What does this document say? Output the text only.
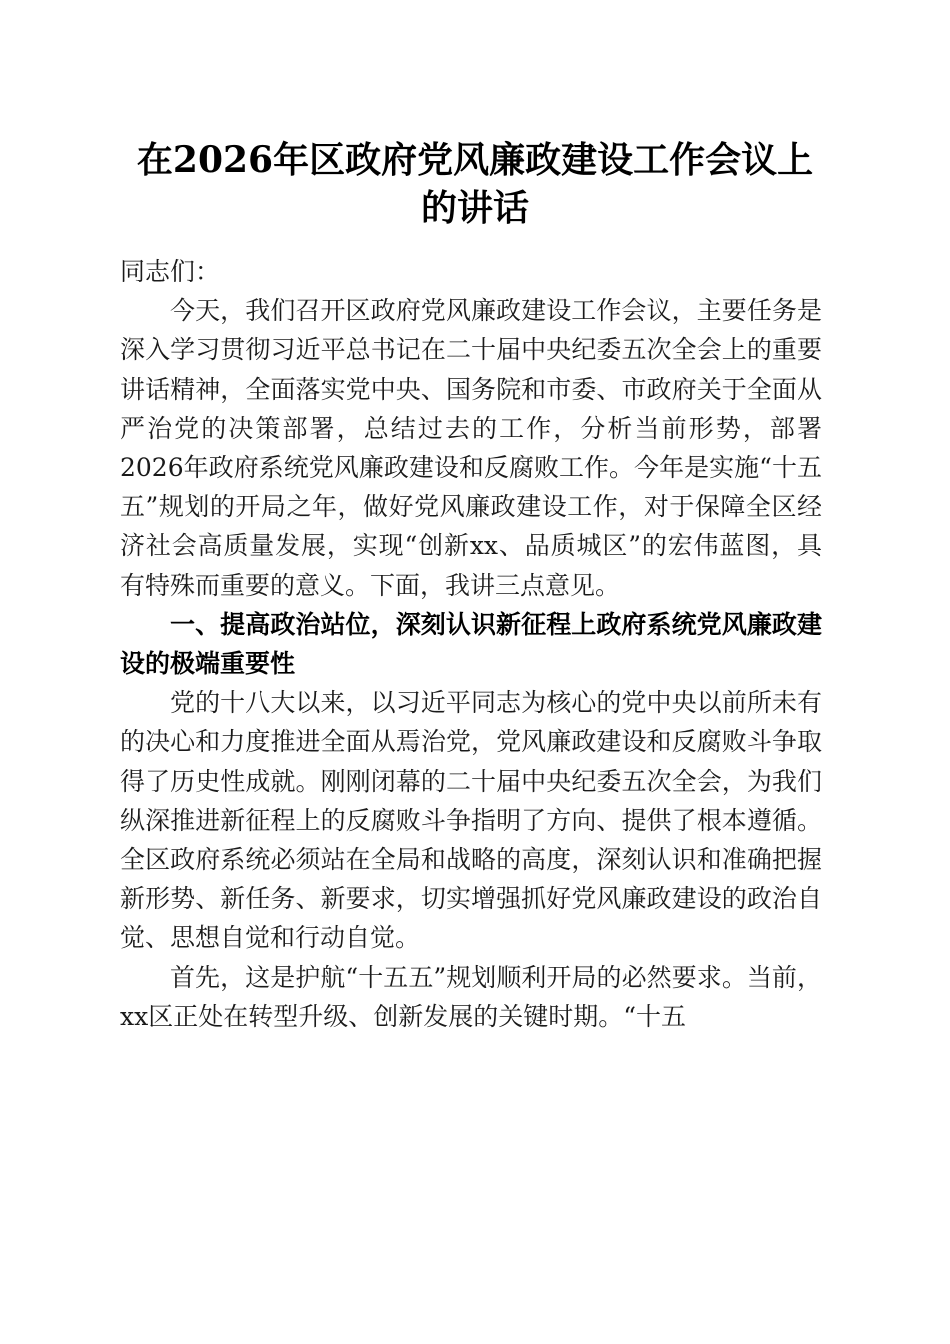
在2026年区政府党风廉政建设工作会议上的讲话

同志们：

今天，我们召开区政府党风廉政建设工作会议，主要任务是深入学习贯彻习近平总书记在二十届中央纪委五次全会上的重要讲话精神，全面落实党中央、国务院和市委、市政府关于全面从严治党的决策部署，总结过去的工作，分析当前形势，部署2026年政府系统党风廉政建设和反腐败工作。今年是实施“十五五”规划的开局之年，做好党风廉政建设工作，对于保障全区经济社会高质量发展，实现“创新xx、品质城区”的宏伟蓝图，具有特殊而重要的意义。下面，我讲三点意见。

一、提高政治站位，深刻认识新征程上政府系统党风廉政建设的极端重要性

党的十八大以来，以习近平同志为核心的党中央以前所未有的决心和力度推进全面从焉治党，党风廉政建设和反腐败斗争取得了历史性成就。刚刚闭幕的二十届中央纪委五次全会，为我们纵深推进新征程上的反腐败斗争指明了方向、提供了根本遵循。全区政府系统必须站在全局和战略的高度，深刻认识和准确把握新形势、新任务、新要求，切实增强抓好党风廉政建设的政治自觉、思想自觉和行动自觉。

首先，这是护航“十五五”规划顺利开局的必然要求。当前，xx区正处在转型升级、创新发展的关键时期。“十五
